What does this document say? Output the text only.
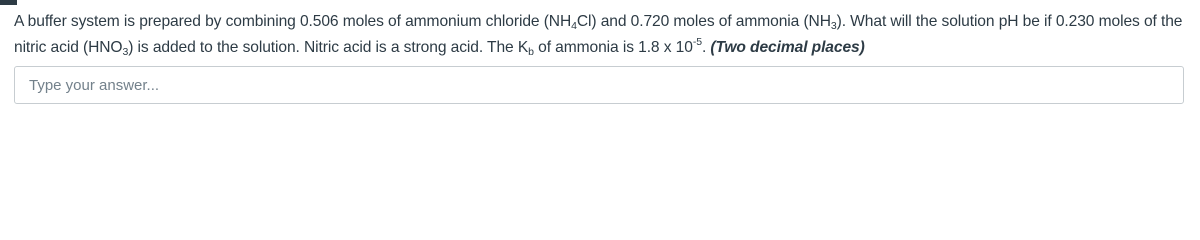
A buffer system is prepared by combining 0.506 moles of ammonium chloride $(NH_4Cl)$ and 0.720 moles of ammonia $(NH_3)$. What will the solution pH be if 0.230 moles of the nitric acid $(HNO_3)$ is added to the solution. Nitric acid is a strong acid. The $K_b$ of ammonia is 1.8 x $10^{-5}$. (Two decimal places)

Type your answer...
